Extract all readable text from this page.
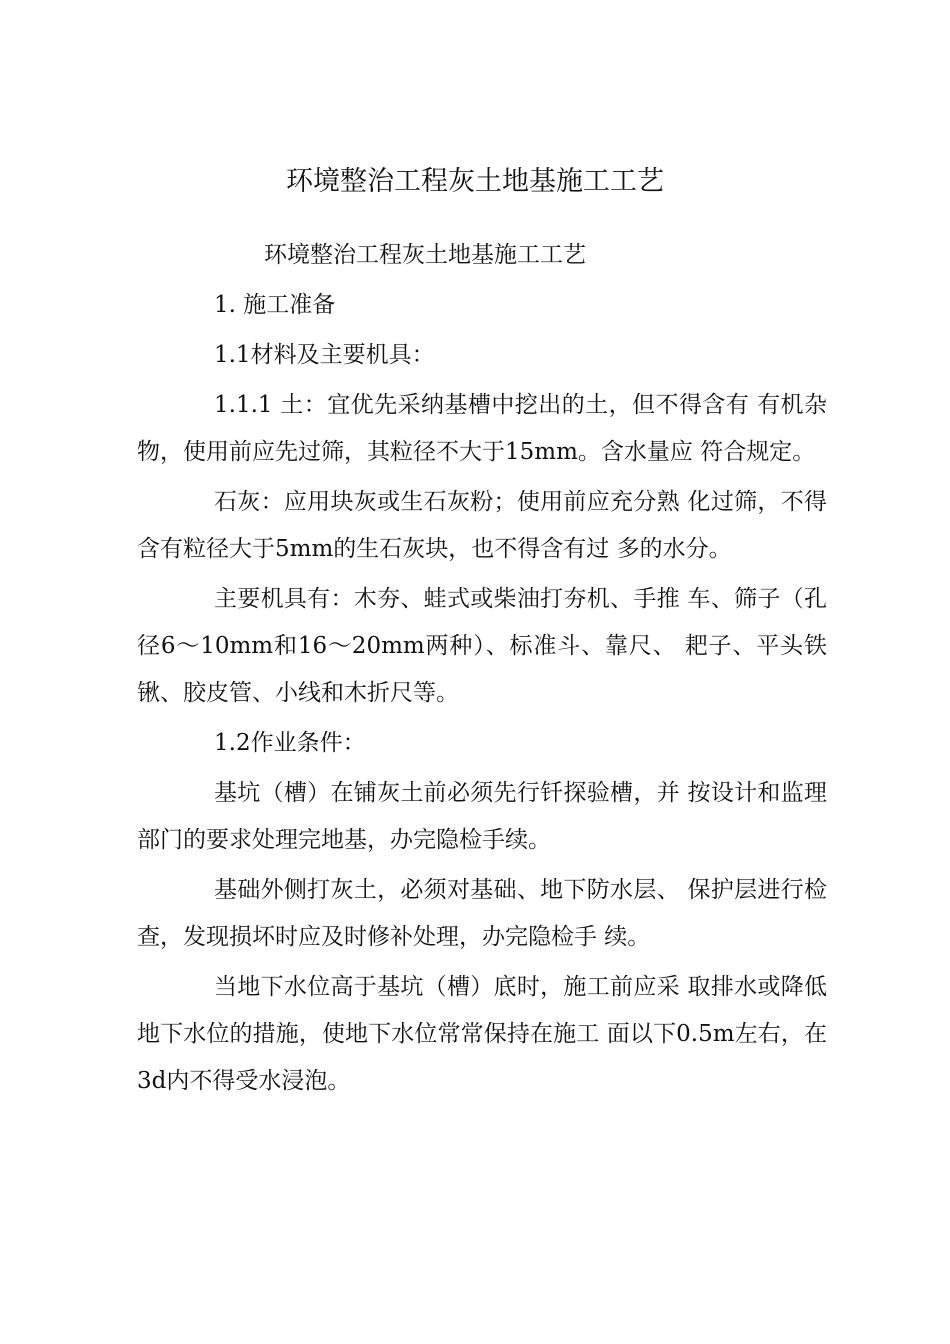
环境整治工程灰土地基施工工艺

环境整治工程灰土地基施工工艺

1. 施工准备

1.1材料及主要机具：

1.1.1 土：宜优先采纳基槽中挖出的土，但不得含有 有机杂物，使用前应先过筛，其粒径不大于15mm。含水量应 符合规定。

石灰：应用块灰或生石灰粉；使用前应充分熟 化过筛，不得含有粒径大于5mm的生石灰块，也不得含有过 多的水分。

主要机具有：木夯、蛙式或柴油打夯机、手推 车、筛子（孔径6〜10mm和16〜20mm两种）、标准斗、靠尺、 耙子、平头铁锹、胶皮管、小线和木折尺等。

1.2作业条件：

基坑（槽）在铺灰土前必须先行钎探验槽，并 按设计和监理部门的要求处理完地基，办完隐检手续。

基础外侧打灰土，必须对基础、地下防水层、 保护层进行检查，发现损坏时应及时修补处理，办完隐检手 续。

当地下水位高于基坑（槽）底时，施工前应采 取排水或降低地下水位的措施，使地下水位常常保持在施工 面以下0.5m左右，在3d内不得受水浸泡。
